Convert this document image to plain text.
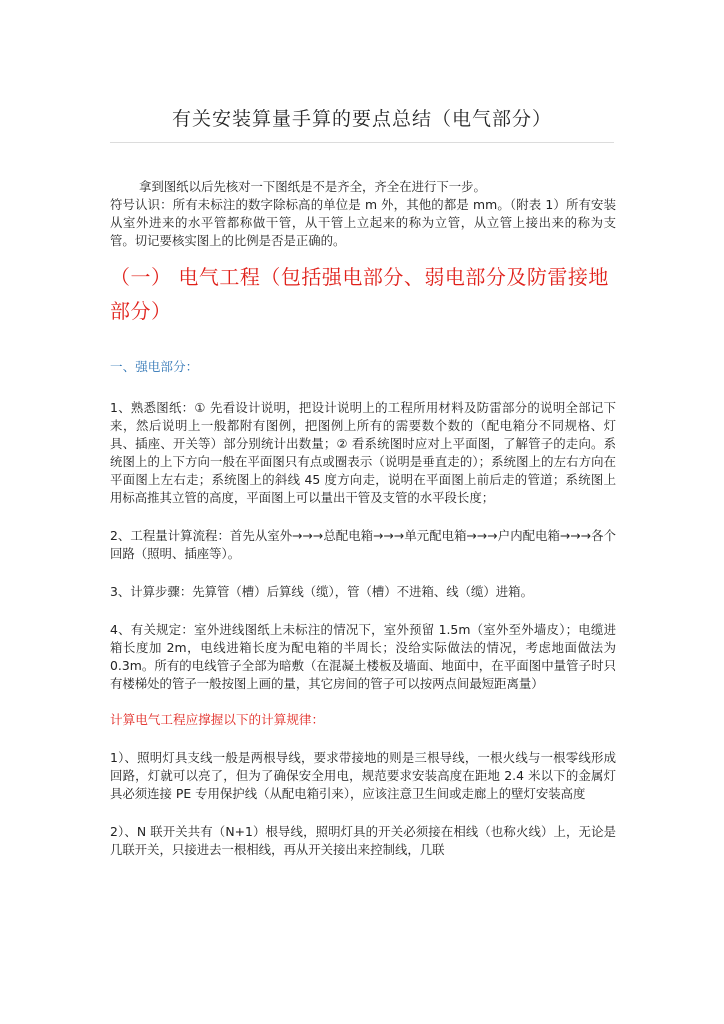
有关安装算量手算的要点总结（电气部分）

拿到图纸以后先核对一下图纸是不是齐全，齐全在进行下一步。

符号认识：所有未标注的数字除标高的单位是 m 外，其他的都是 mm。（附表 1）所有安装从室外进来的水平管都称做干管，从干管上立起来的称为立管，从立管上接出来的称为支管。切记要核实图上的比例是否是正确的。

（一） 电气工程（包括强电部分、弱电部分及防雷接地部分）

一、强电部分：

1、熟悉图纸：① 先看设计说明，把设计说明上的工程所用材料及防雷部分的说明全部记下来，然后说明上一般都附有图例，把图例上所有的需要数个数的（配电箱分不同规格、灯具、插座、开关等）部分别统计出数量；② 看系统图时应对上平面图，了解管子的走向。系统图上的上下方向一般在平面图只有点或圈表示（说明是垂直走的）；系统图上的左右方向在平面图上左右走；系统图上的斜线 45 度方向走，说明在平面图上前后走的管道；系统图上用标高推其立管的高度，平面图上可以量出干管及支管的水平段长度；

2、工程量计算流程：首先从室外→→→总配电箱→→→单元配电箱→→→户内配电箱→→→各个回路（照明、插座等）。

3、计算步骤：先算管（槽）后算线（缆），管（槽）不进箱、线（缆）进箱。

4、有关规定：室外进线图纸上未标注的情况下，室外预留 1.5m（室外至外墙皮）；电缆进箱长度加 2m，电线进箱长度为配电箱的半周长；没给实际做法的情况，考虑地面做法为 0.3m。所有的电线管子全部为暗敷（在混凝土楼板及墙面、地面中，在平面图中量管子时只有楼梯处的管子一般按图上画的量，其它房间的管子可以按两点间最短距离量）

计算电气工程应撑握以下的计算规律：

1）、照明灯具支线一般是两根导线，要求带接地的则是三根导线，一根火线与一根零线形成回路，灯就可以亮了，但为了确保安全用电，规范要求安装高度在距地 2.4 米以下的金属灯具必须连接 PE 专用保护线（从配电箱引来），应该注意卫生间或走廊上的壁灯安装高度

2）、N 联开关共有（N+1）根导线，照明灯具的开关必须接在相线（也称火线）上，无论是几联开关，只接进去一根相线，再从开关接出来控制线，几联
